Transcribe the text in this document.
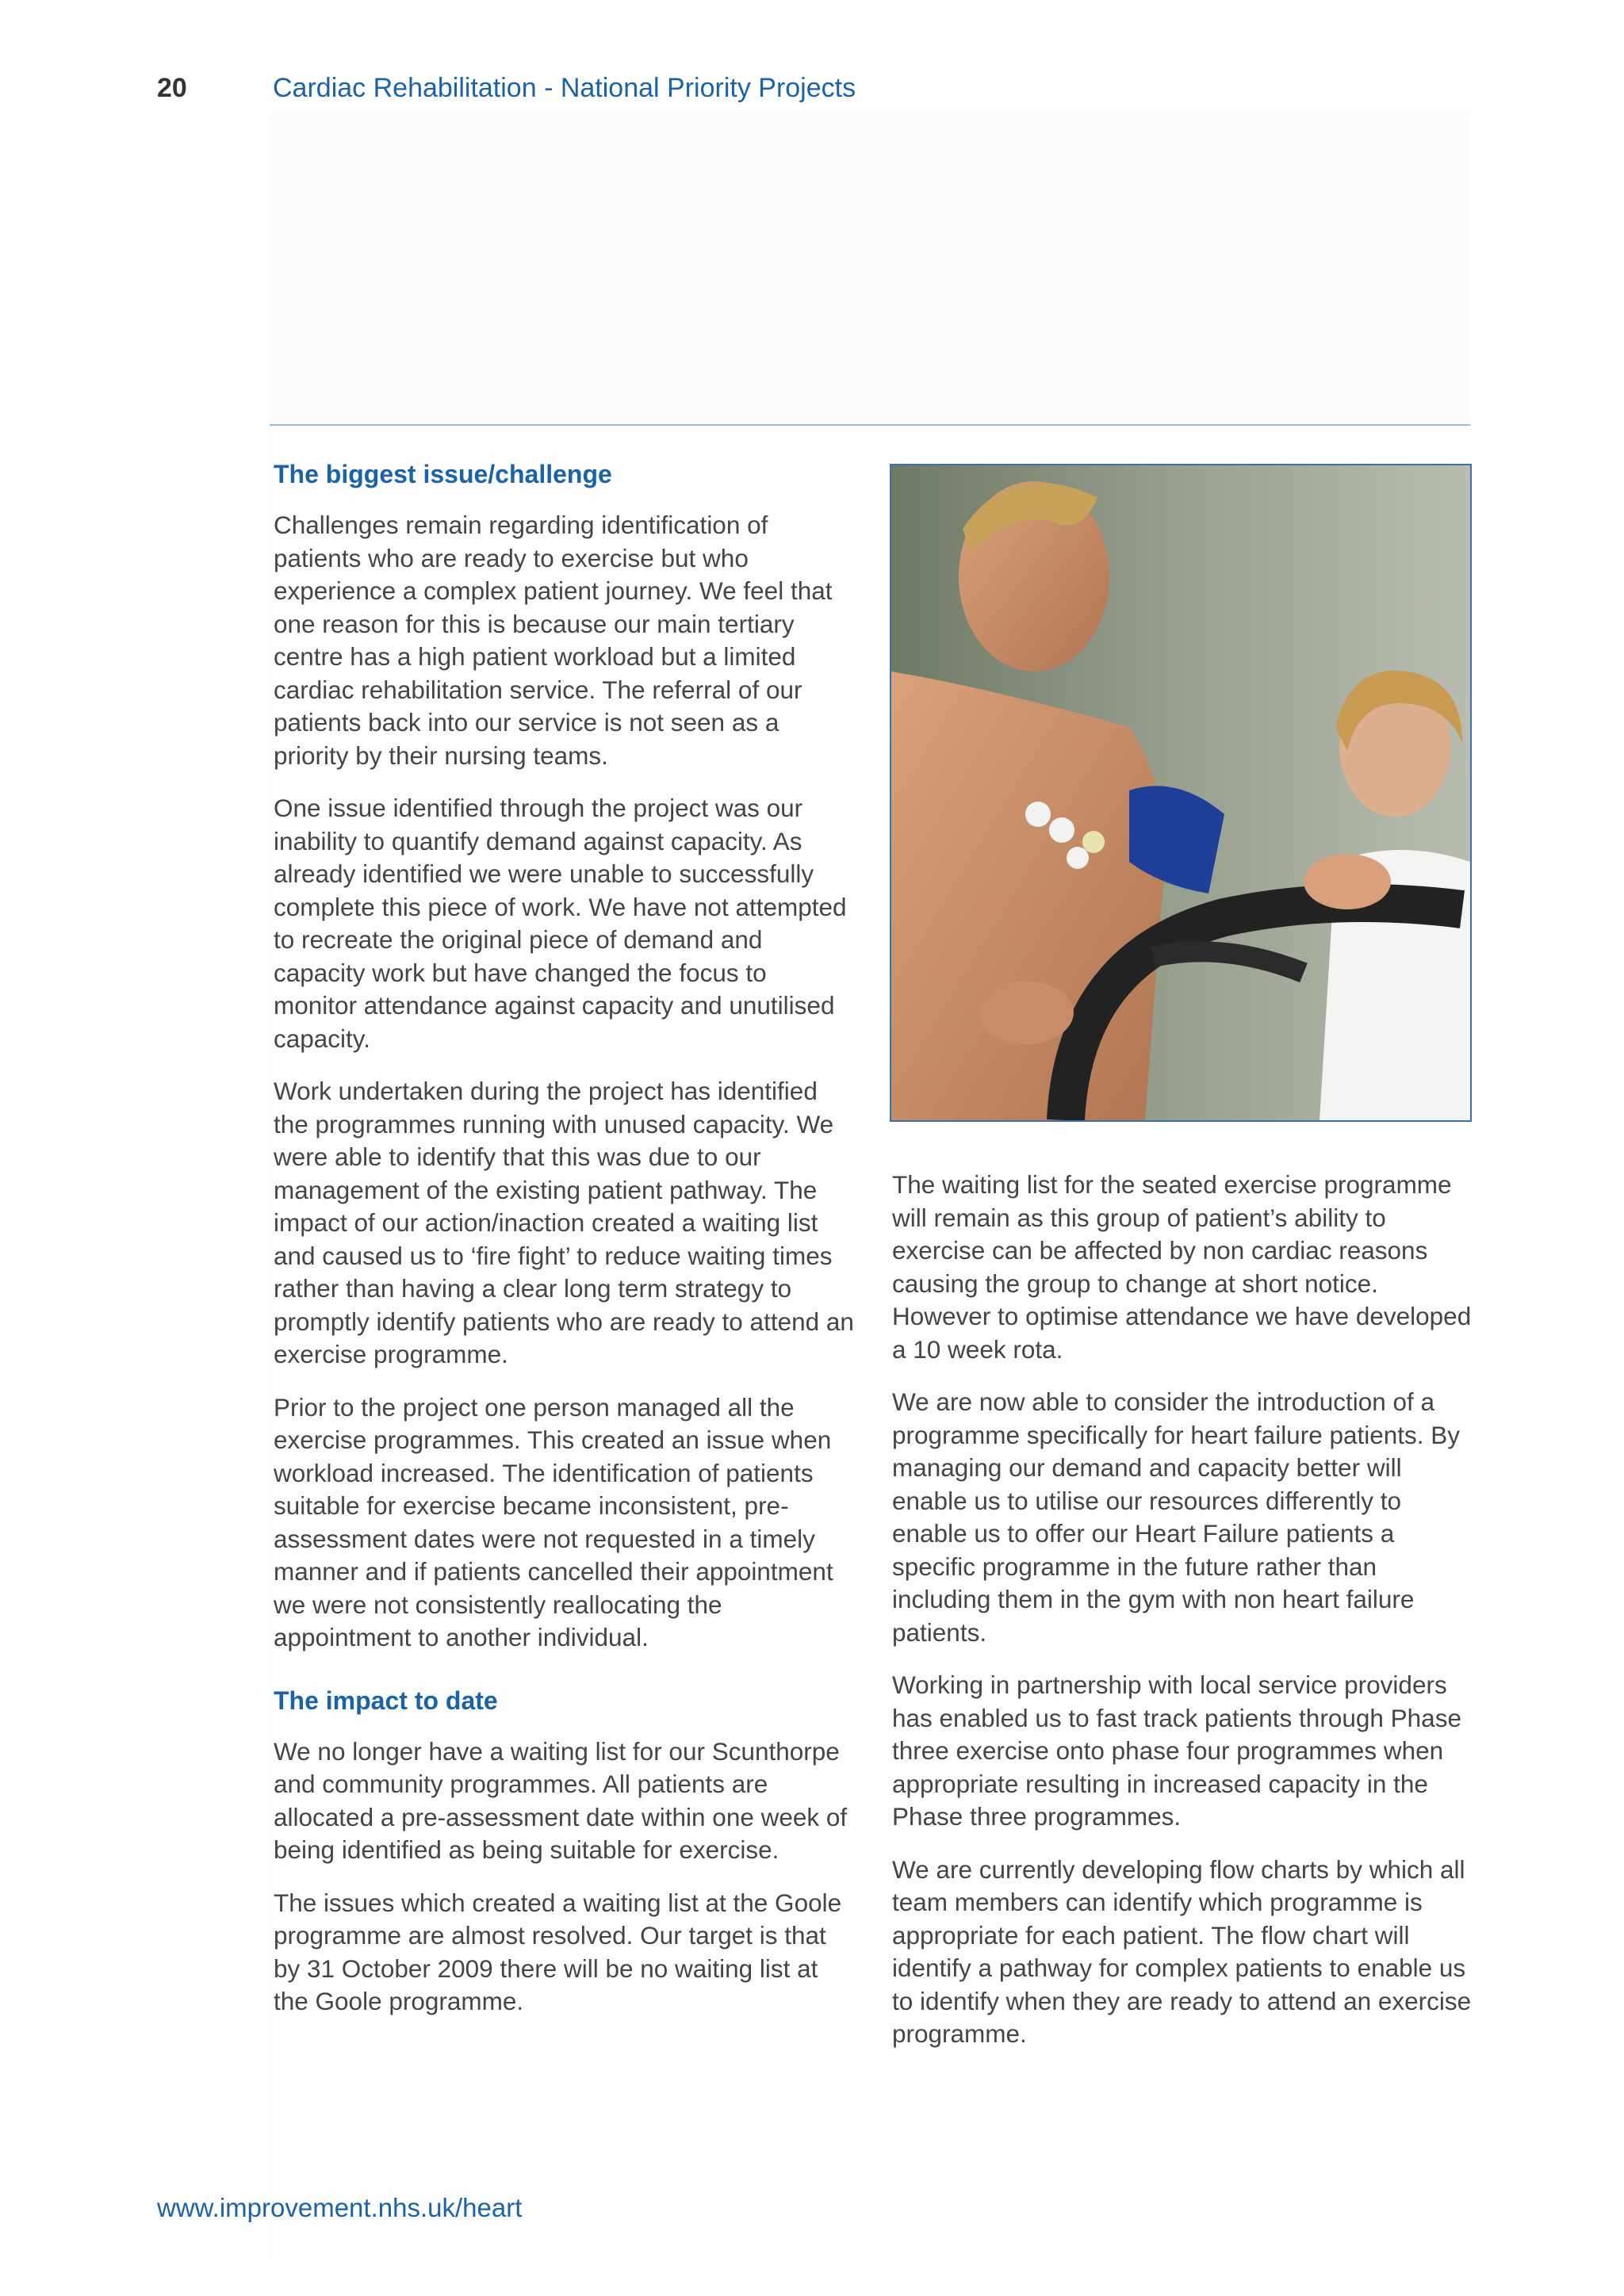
20	Cardiac Rehabilitation - National Priority Projects
The biggest issue/challenge

Challenges remain regarding identification of patients who are ready to exercise but who experience a complex patient journey. We feel that one reason for this is because our main tertiary centre has a high patient workload but a limited cardiac rehabilitation service. The referral of our patients back into our service is not seen as a priority by their nursing teams.

One issue identified through the project was our inability to quantify demand against capacity. As already identified we were unable to successfully complete this piece of work. We have not attempted to recreate the original piece of demand and capacity work but have changed the focus to monitor attendance against capacity and unutilised capacity.

Work undertaken during the project has identified the programmes running with unused capacity. We were able to identify that this was due to our management of the existing patient pathway. The impact of our action/inaction created a waiting list and caused us to ‘fire fight’ to reduce waiting times rather than having a clear long term strategy to promptly identify patients who are ready to attend an exercise programme.

Prior to the project one person managed all the exercise programmes. This created an issue when workload increased. The identification of patients suitable for exercise became inconsistent, pre-assessment dates were not requested in a timely manner and if patients cancelled their appointment we were not consistently reallocating the appointment to another individual.

The impact to date

We no longer have a waiting list for our Scunthorpe and community programmes. All patients are allocated a pre-assessment date within one week of being identified as being suitable for exercise.

The issues which created a waiting list at the Goole programme are almost resolved. Our target is that by 31 October 2009 there will be no waiting list at the Goole programme.

The waiting list for the seated exercise programme will remain as this group of patient’s ability to exercise can be affected by non cardiac reasons causing the group to change at short notice. However to optimise attendance we have developed a 10 week rota.

We are now able to consider the introduction of a programme specifically for heart failure patients. By managing our demand and capacity better will enable us to utilise our resources differently to enable us to offer our Heart Failure patients a specific programme in the future rather than including them in the gym with non heart failure patients.

Working in partnership with local service providers has enabled us to fast track patients through Phase three exercise onto phase four programmes when appropriate resulting in increased capacity in the Phase three programmes.

We are currently developing flow charts by which all team members can identify which programme is appropriate for each patient. The flow chart will identify a pathway for complex patients to enable us to identify when they are ready to attend an exercise programme.

www.improvement.nhs.uk/heart
